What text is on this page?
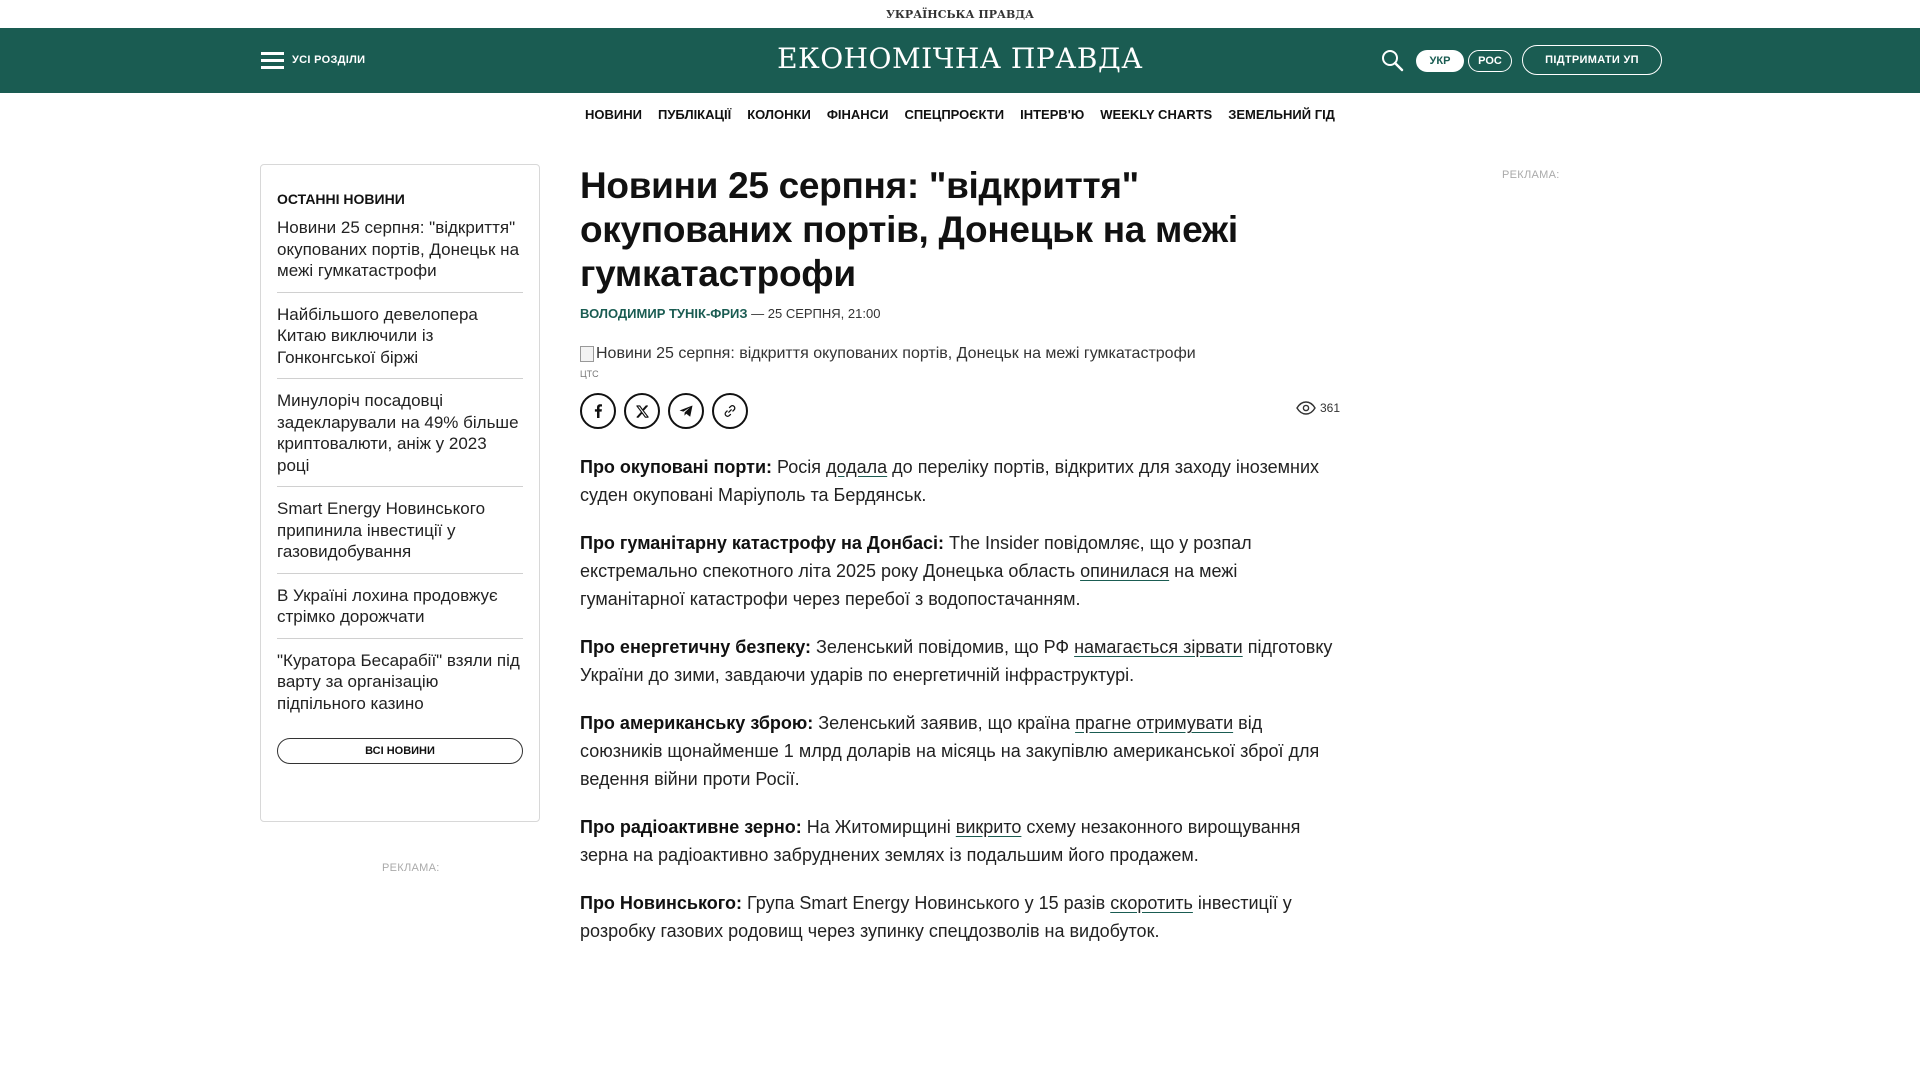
УКРАЇНСЬКА ПРАВДА
УСІ РОЗДІЛИ	ЕКОНОМІЧНА ПРАВДА	УКР	РОС	ПІДТРИМАТИ УП
НОВИНИ ПУБЛІКАЦІЇ КОЛОНКИ ФІНАНСИ СПЕЦПРОЄКТИ ІНТЕРВ'Ю WEEKLY CHARTS ЗЕМЕЛЬНИЙ ГІД
ОСТАННІ НОВИНИ
Новини 25 серпня: "відкриття" окупованих портів, Донецьк на межі гумкатастрофи
Найбільшого девелопера Китаю виключили із Гонконгської біржі
Минулоріч посадовці задекларували на 49% більше криптовалюти, аніж у 2023 році
Smart Energy Новинського припинила інвестиції у газовидобування
В Україні лохина продовжує стрімко дорожчати
"Куратора Бесарабії" взяли під варту за організацію підпільного казино
ВСІ НОВИНИ
РЕКЛАМА:
РЕКЛАМА:
Новини 25 серпня: "відкриття" окупованих портів, Донецьк на межі гумкатастрофи
ВОЛОДИМИР ТУНІК-ФРИЗ — 25 СЕРПНЯ, 21:00
Новини 25 серпня: відкриття окупованих портів, Донецьк на межі гумкатастрофи
ЦТС
361

Про окуповані порти: Росія додала до переліку портів, відкритих для заходу іноземних суден окуповані Маріуполь та Бердянськ.

Про гуманітарну катастрофу на Донбасі: The Insider повідомляє, що у розпал екстремально спекотного літа 2025 року Донецька область опинилася на межі гуманітарної катастрофи через перебої з водопостачанням.

Про енергетичну безпеку: Зеленський повідомив, що РФ намагається зірвати підготовку України до зими, завдаючи ударів по енергетичній інфраструктурі.

Про американську зброю: Зеленський заявив, що країна прагне отримувати від союзників щонайменше 1 млрд доларів на місяць на закупівлю американської зброї для ведення війни проти Росії.

Про радіоактивне зерно: На Житомирщині викрито схему незаконного вирощування зерна на радіоактивно забруднених землях із подальшим його продажем.

Про Новинського: Група Smart Energy Новинського у 15 разів скоротить інвестиції у розробку газових родовищ через зупинку спецдозволів на видобуток.
